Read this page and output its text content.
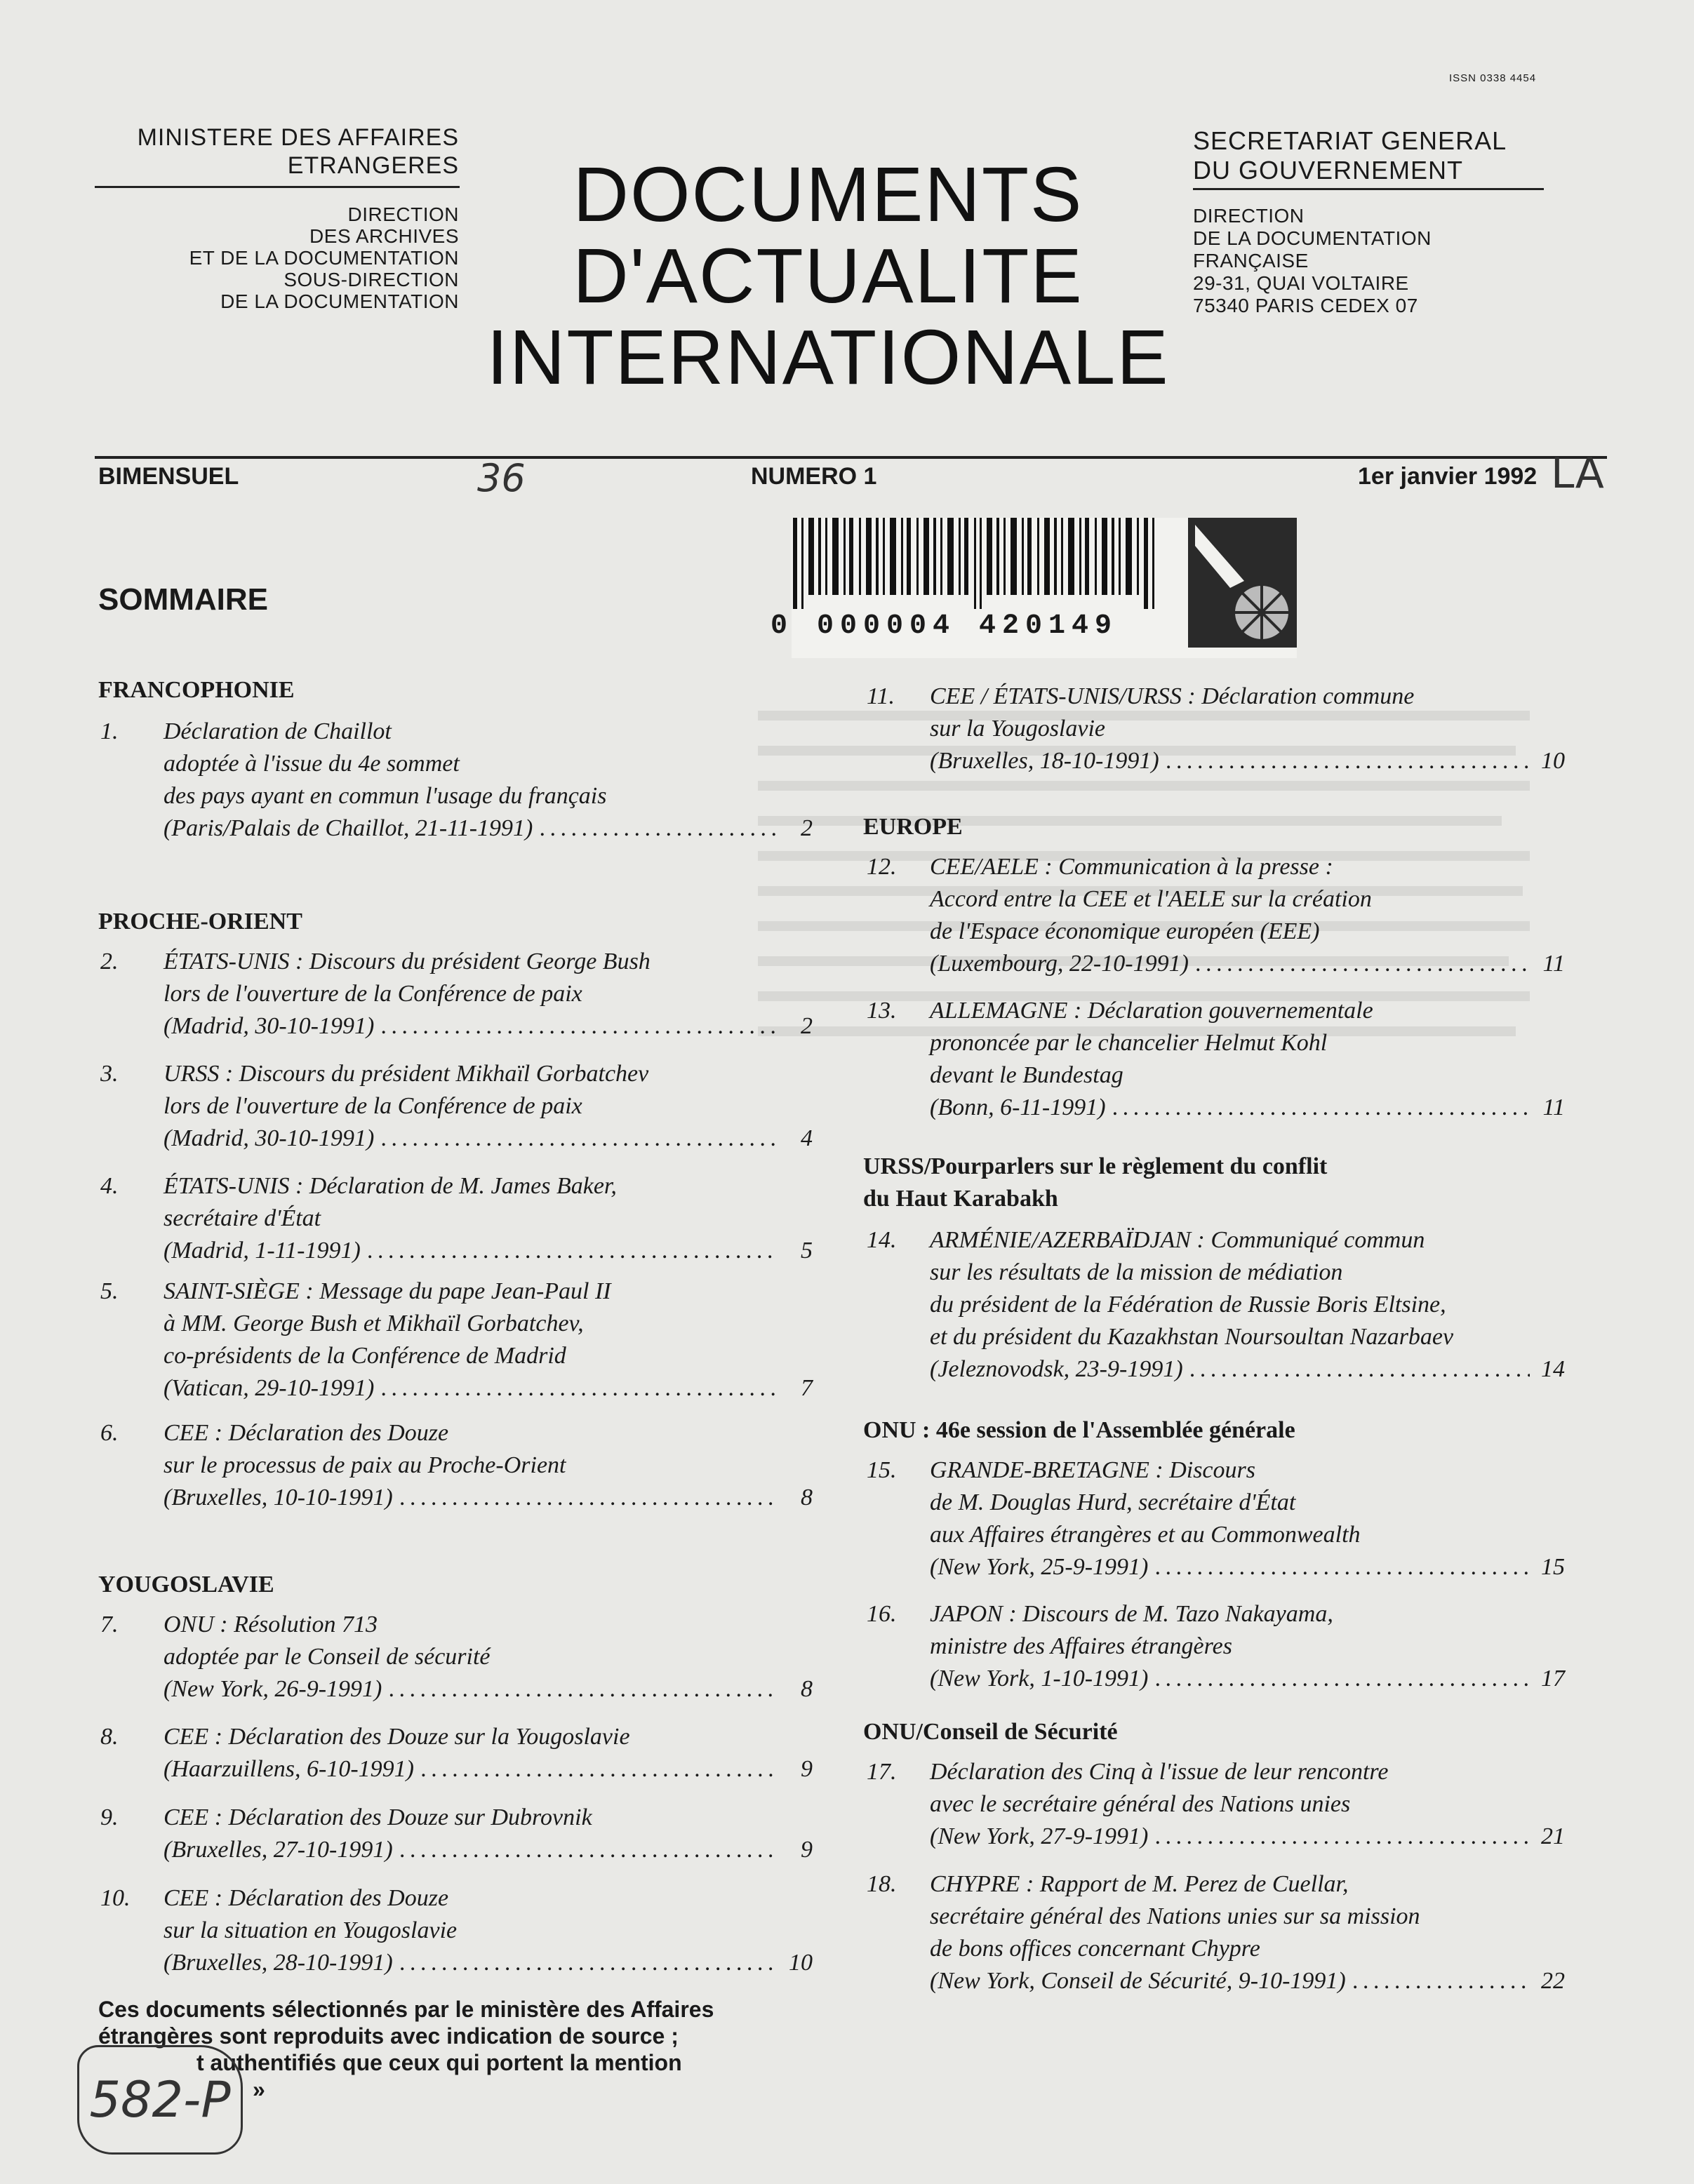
ISSN 0338 4454
MINISTERE DES AFFAIRES
ETRANGERES
DIRECTION
DES ARCHIVES
ET DE LA DOCUMENTATION
SOUS-DIRECTION
DE LA DOCUMENTATION
DOCUMENTS
D'ACTUALITE
INTERNATIONALE
SECRETARIAT GENERAL
DU GOUVERNEMENT
DIRECTION
DE LA DOCUMENTATION
FRANÇAISE
29-31, QUAI VOLTAIRE
75340 PARIS CEDEX 07
BIMENSUEL	36	NUMERO 1	1er janvier 1992 LA
0 000004 420149
SOMMAIRE
FRANCOPHONIE
1. Déclaration de Chaillot
adoptée à l'issue du 4e sommet
des pays ayant en commun l'usage du français
(Paris/Palais de Chaillot, 21-11-1991) . . .	2
PROCHE-ORIENT
2. ÉTATS-UNIS : Discours du président George Bush
lors de l'ouverture de la Conférence de paix
(Madrid, 30-10-1991) . . .	2
3. URSS : Discours du président Mikhaïl Gorbatchev
lors de l'ouverture de la Conférence de paix
(Madrid, 30-10-1991) . . .	4
4. ÉTATS-UNIS : Déclaration de M. James Baker,
secrétaire d'État
(Madrid, 1-11-1991) . . .	5
5. SAINT-SIÈGE : Message du pape Jean-Paul II
à MM. George Bush et Mikhaïl Gorbatchev,
co-présidents de la Conférence de Madrid
(Vatican, 29-10-1991) . . .	7
6. CEE : Déclaration des Douze
sur le processus de paix au Proche-Orient
(Bruxelles, 10-10-1991) . . .	8
YOUGOSLAVIE
7. ONU : Résolution 713
adoptée par le Conseil de sécurité
(New York, 26-9-1991) . . .	8
8. CEE : Déclaration des Douze sur la Yougoslavie
(Haarzuillens, 6-10-1991) . . .	9
9. CEE : Déclaration des Douze sur Dubrovnik
(Bruxelles, 27-10-1991) . . .	9
10. CEE : Déclaration des Douze
sur la situation en Yougoslavie
(Bruxelles, 28-10-1991) . . .	10
11. CEE / ÉTATS-UNIS/URSS : Déclaration commune
sur la Yougoslavie
(Bruxelles, 18-10-1991) . . .	10
EUROPE
12. CEE/AELE : Communication à la presse :
Accord entre la CEE et l'AELE sur la création
de l'Espace économique européen (EEE)
(Luxembourg, 22-10-1991) . . .	11
13. ALLEMAGNE : Déclaration gouvernementale
prononcée par le chancelier Helmut Kohl
devant le Bundestag
(Bonn, 6-11-1991) . . .	11
URSS/Pourparlers sur le règlement du conflit
du Haut Karabakh
14. ARMÉNIE/AZERBAÏDJAN : Communiqué commun
sur les résultats de la mission de médiation
du président de la Fédération de Russie Boris Eltsine,
et du président du Kazakhstan Noursoultan Nazarbaev
(Jeleznovodsk, 23-9-1991) . . .	14
ONU : 46e session de l'Assemblée générale
15. GRANDE-BRETAGNE : Discours
de M. Douglas Hurd, secrétaire d'État
aux Affaires étrangères et au Commonwealth
(New York, 25-9-1991) . . .	15
16. JAPON : Discours de M. Tazo Nakayama,
ministre des Affaires étrangères
(New York, 1-10-1991) . . .	17
ONU/Conseil de Sécurité
17. Déclaration des Cinq à l'issue de leur rencontre
avec le secrétaire général des Nations unies
(New York, 27-9-1991) . . .	21
18. CHYPRE : Rapport de M. Perez de Cuellar,
secrétaire général des Nations unies sur sa mission
de bons offices concernant Chypre
(New York, Conseil de Sécurité, 9-10-1991) . . .	22
Ces documents sélectionnés par le ministère des Affaires
étrangères sont reproduits avec indication de source ;
t authentifiés que ceux qui portent la mention
»
582-P
